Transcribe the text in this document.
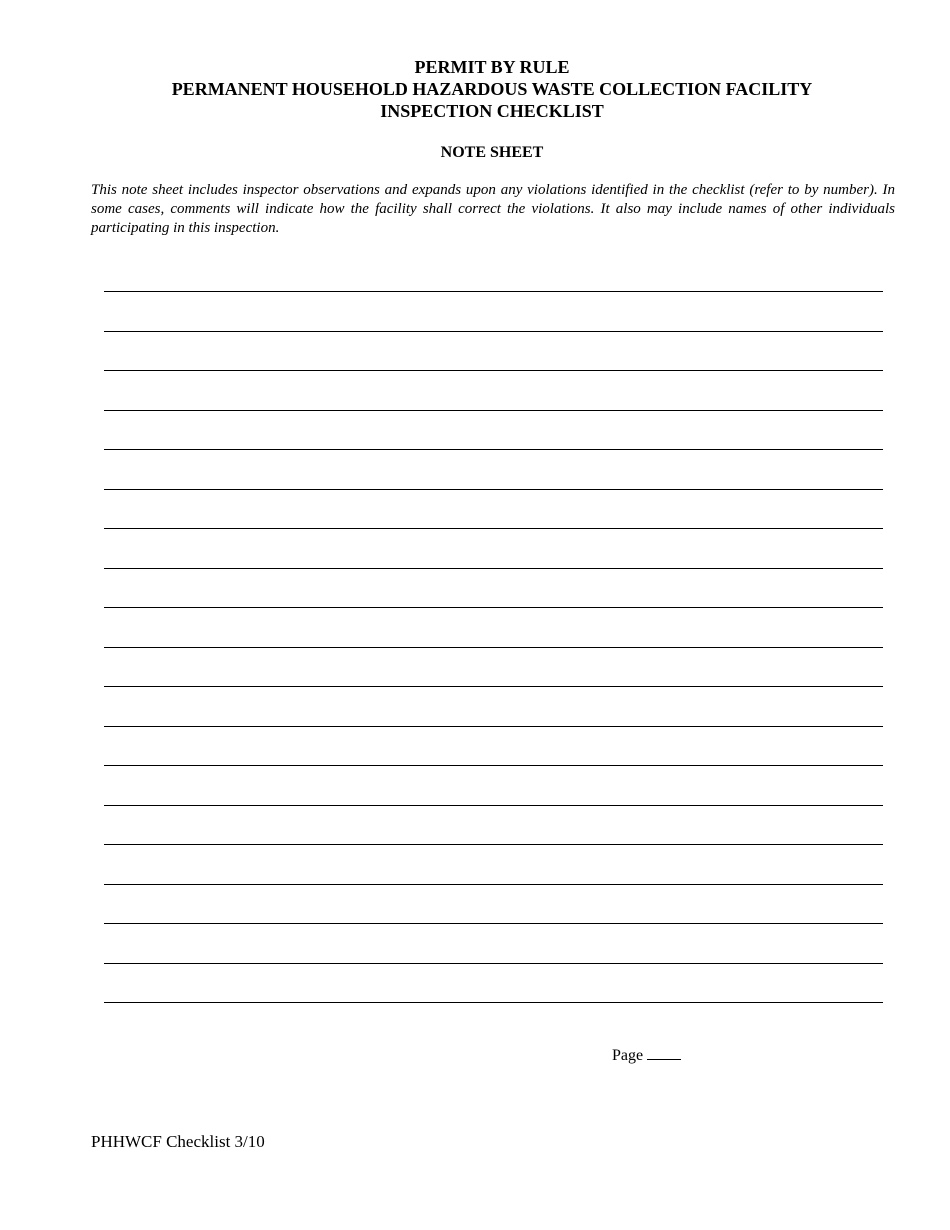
PERMIT BY RULE
PERMANENT HOUSEHOLD HAZARDOUS WASTE COLLECTION FACILITY
INSPECTION CHECKLIST
NOTE SHEET
This note sheet includes inspector observations and expands upon any violations identified in the checklist (refer to by number). In some cases, comments will indicate how the facility shall correct the violations. It also may include names of other individuals participating in this inspection.
Page
PHHWCF Checklist 3/10
